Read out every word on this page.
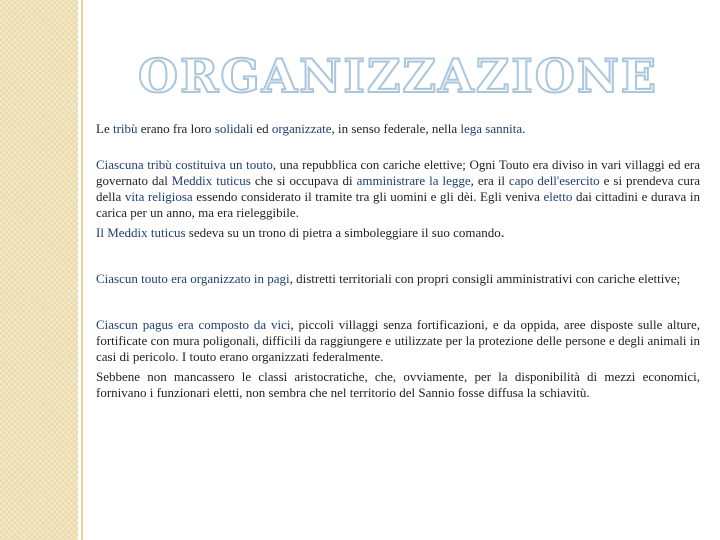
ORGANIZZAZIONE

Le tribù erano fra loro solidali ed organizzate, in senso federale, nella lega sannita.

Ciascuna tribù costituiva un touto, una repubblica con cariche elettive; Ogni Touto era diviso in vari villaggi ed era governato dal Meddix tuticus che si occupava di amministrare la legge, era il capo dell'esercito e si prendeva cura della vita religiosa essendo considerato il tramite tra gli uomini e gli dèi. Egli veniva eletto dai cittadini e durava in carica per un anno, ma era rieleggibile.

Il Meddix tuticus sedeva su un trono di pietra a simboleggiare il suo comando.

Ciascun touto era organizzato in pagi, distretti territoriali con propri consigli amministrativi con cariche elettive;

Ciascun pagus era composto da vici, piccoli villaggi senza fortificazioni, e da oppida, aree disposte sulle alture, fortificate con mura poligonali, difficili da raggiungere e utilizzate per la protezione delle persone e degli animali in casi di pericolo. I touto erano organizzati federalmente.

Sebbene non mancassero le classi aristocratiche, che, ovviamente, per la disponibilità di mezzi economici, fornivano i funzionari eletti, non sembra che nel territorio del Sannio fosse diffusa la schiavitù.
